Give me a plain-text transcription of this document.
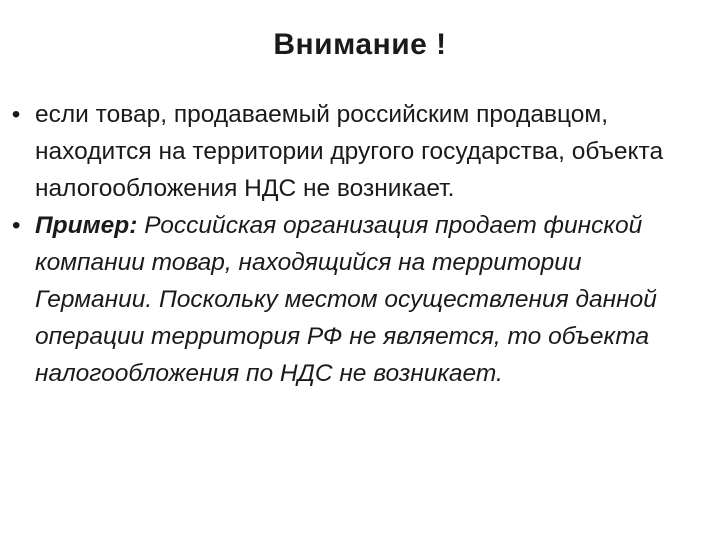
Внимание !
• если товар, продаваемый российским продавцом, находится на территории другого государства, объекта налогообложения НДС не возникает.
• Пример: Российская организация продает финской компании товар, находящийся на территории Германии. Поскольку местом осуществления данной операции территория РФ не является, то объекта налогообложения по НДС не возникает.
